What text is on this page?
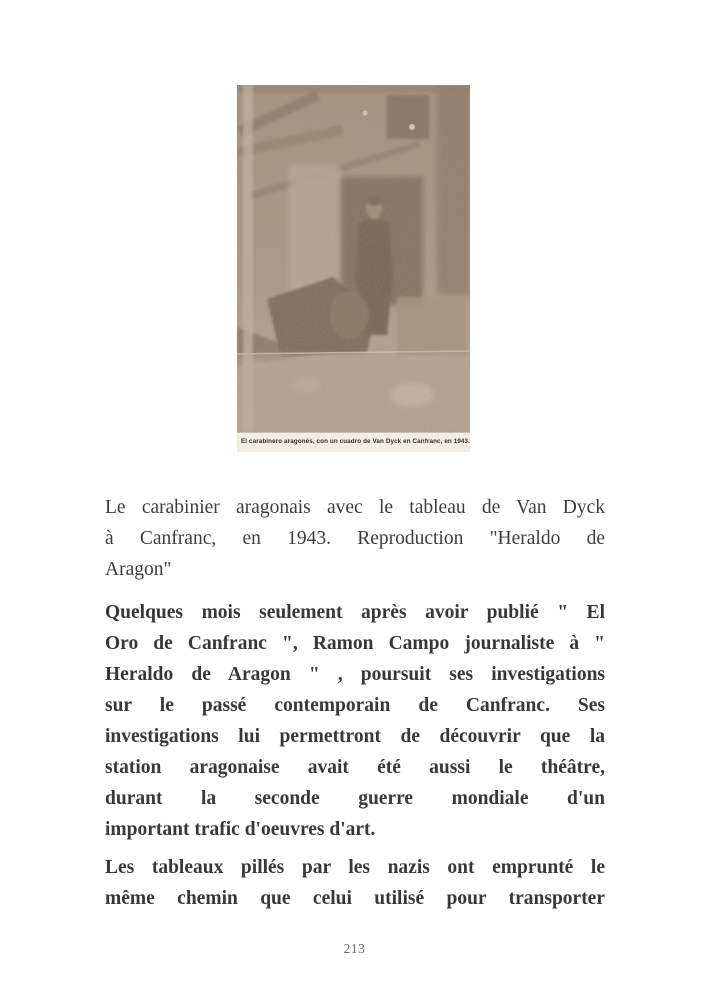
El carabinero aragonés, con un cuadro de Van Dyck en Canfranc, en 1943.
Le carabinier aragonais avec le tableau de Van Dyck
à Canfranc, en 1943. Reproduction "Heraldo de
Aragon"
Quelques mois seulement après avoir publié " El
Oro de Canfranc ", Ramon Campo journaliste à "
Heraldo de Aragon " , poursuit ses investigations
sur le passé contemporain de Canfranc. Ses
investigations lui permettront de découvrir que la
station aragonaise avait été aussi le théâtre,
durant la seconde guerre mondiale d'un
important trafic d'oeuvres d'art.
Les tableaux pillés par les nazis ont emprunté le
même chemin que celui utilisé pour transporter
213
